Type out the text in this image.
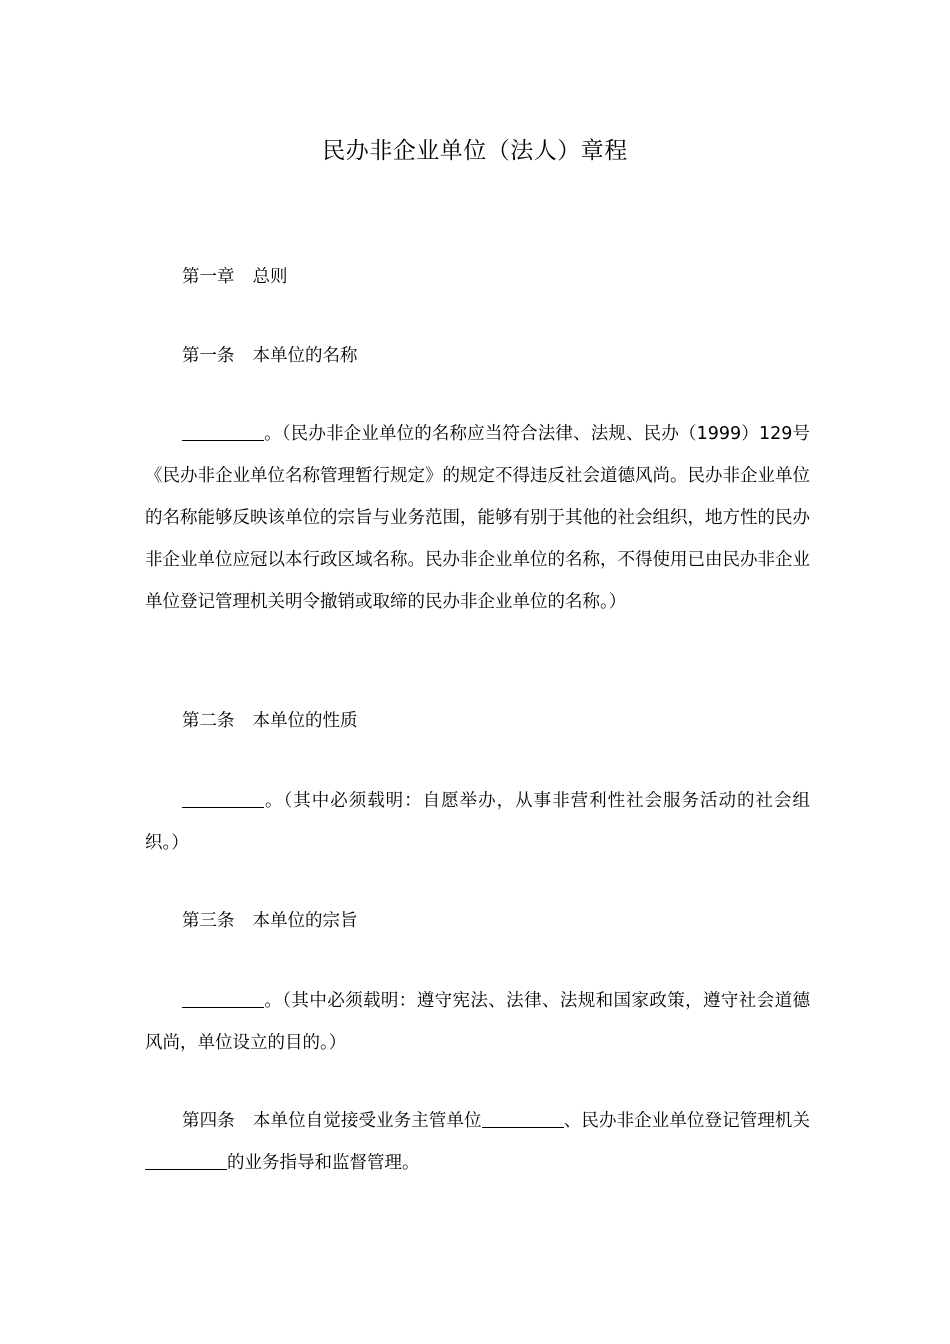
民办非企业单位（法人）章程
第一章 总则
第一条 本单位的名称
。（民办非企业单位的名称应当符合法律、法规、民办（1999）129号《民办非企业单位名称管理暂行规定》的规定不得违反社会道德风尚。民办非企业单位的名称能够反映该单位的宗旨与业务范围，能够有别于其他的社会组织，地方性的民办非企业单位应冠以本行政区域名称。民办非企业单位的名称，不得使用已由民办非企业单位登记管理机关明令撤销或取缔的民办非企业单位的名称。）
第二条 本单位的性质
。（其中必须载明：自愿举办，从事非营利性社会服务活动的社会组织。）
第三条 本单位的宗旨
。（其中必须载明：遵守宪法、法律、法规和国家政策，遵守社会道德风尚，单位设立的目的。）
第四条 本单位自觉接受业务主管单位	、民办非企业单位登记管理机关的业务指导和监督管理。
